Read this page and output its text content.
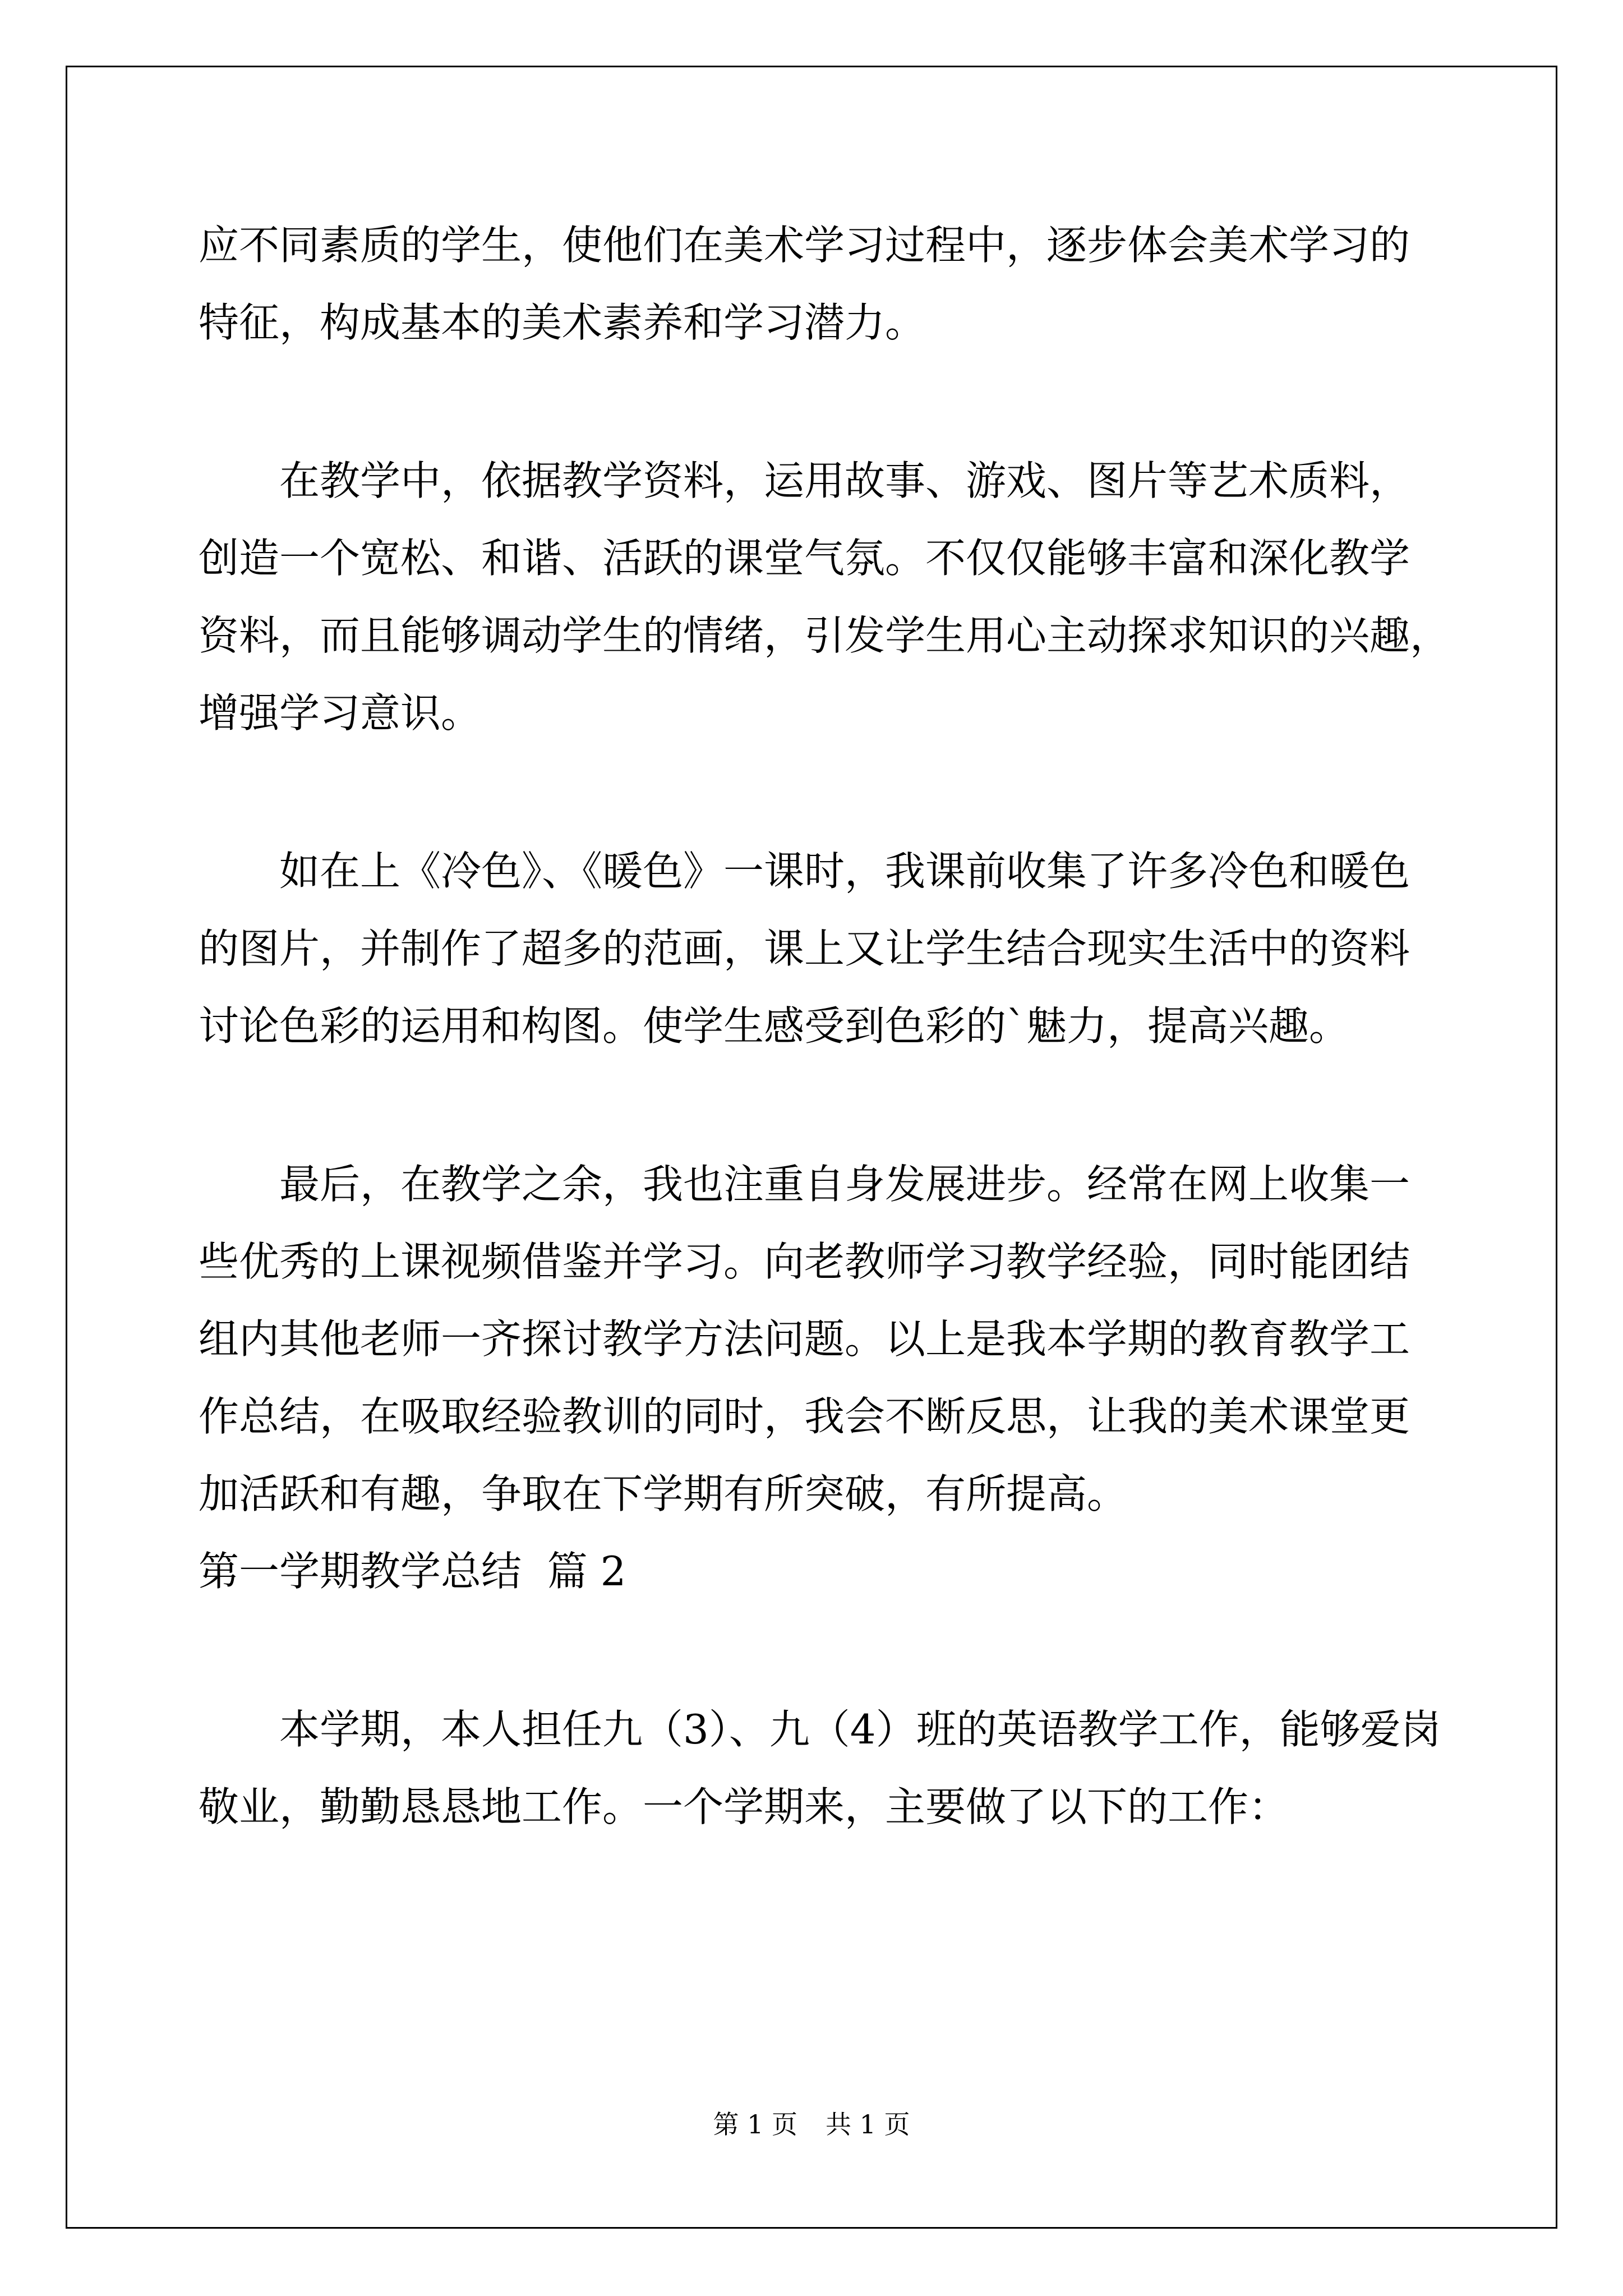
应不同素质的学生，使他们在美术学习过程中，逐步体会美术学习的
特征，构成基本的美术素养和学习潜力。
在教学中，依据教学资料，运用故事、游戏、图片等艺术质料，
创造一个宽松、和谐、活跃的课堂气氛。不仅仅能够丰富和深化教学
资料，而且能够调动学生的情绪，引发学生用心主动探求知识的兴趣，
增强学习意识。
如在上《冷色》、《暖色》一课时，我课前收集了许多冷色和暖色
的图片，并制作了超多的范画，课上又让学生结合现实生活中的资料
讨论色彩的运用和构图。使学生感受到色彩的`魅力，提高兴趣。
最后，在教学之余，我也注重自身发展进步。经常在网上收集一
些优秀的上课视频借鉴并学习。向老教师学习教学经验，同时能团结
组内其他老师一齐探讨教学方法问题。以上是我本学期的教育教学工
作总结，在吸取经验教训的同时，我会不断反思，让我的美术课堂更
加活跃和有趣，争取在下学期有所突破，有所提高。
第一学期教学总结  篇 2
本学期，本人担任九（3）、九（4）班的英语教学工作，能够爱岗
敬业，勤勤恳恳地工作。一个学期来，主要做了以下的工作：
第 1 页 共 1 页
